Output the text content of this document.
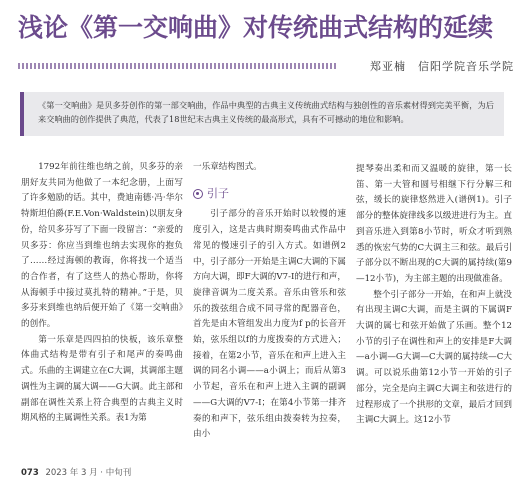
浅论《第一交响曲》对传统曲式结构的延续
郑亚楠　信阳学院音乐学院
《第一交响曲》是贝多芬创作的第一部交响曲，作品中典型的古典主义传统曲式结构与独创性的音乐素材得到完美平衡，为后来交响曲的创作提供了典范，代表了18世纪末古典主义传统的最高形式，具有不可撼动的地位和影响。

1792年前往维也纳之前，贝多芬的亲朋好友共同为他做了一本纪念册，上面写了许多勉励的话。其中，费迪南德·冯·华尔特斯坦伯爵(F.E.Von·Waldstein)以朋友身份，给贝多芬写了下面一段留言：“亲爱的贝多芬：你应当到维也纳去实现你的抱负了……经过海顿的教诲，你将找一个适当的合作者，有了这些人的热心帮助，你将从海顿手中接过莫扎特的精神。”于是，贝多芬来到维也纳后便开始了《第一交响曲》的创作。

第一乐章是四四拍的快板，该乐章整体曲式结构是带有引子和尾声的奏鸣曲式。乐曲的主调建立在C大调，其调部主题调性为主调的属大调——G大调。此主部和副部在调性关系上符合典型的古典主义时期风格的主属调性关系。表1为第

一乐章结构图式。

引子

引子部分的音乐开始时以较慢的速度引入，这是古典时期奏鸣曲式作品中常见的慢速引子的引入方式。如谱例2中，引子部分一开始是主调C大调的下属方向大调，即F大调的V7-I的进行和声，旋律音调为二度关系。音乐由管乐和弦乐的拨弦组合成不同寻常的配器音色，首先是由木管组发出力度为f p的长音开始，弦乐组以f的力度拨奏的方式进入；接着，在第2小节，音乐在和声上进入主调的同名小调——a小调上；而后从第3小节起，音乐在和声上进入主调的副调——G大调的V7-I；在第4小节第一排齐奏的和声下，弦乐组由拨奏转为拉奏，由小

提琴奏出柔和而又温暖的旋律，第一长笛、第一大管和圆号相继下行分解三和弦，缓长的旋律悠然进入(谱例1)。引子部分的整体旋律线多以级进进行为主。直到音乐进入到第8小节时，听众才听到熟悉的恢宏气势的C大调主三和弦。最后引子部分以不断出现的C大调的属持续(第9—12小节)，为主部主题的出现做准备。

整个引子部分一开始，在和声上就没有出现主调C大调，而是主调的下属调F大调的属七和弦开始做了乐画。整个12小节的引子在调性和声上的安排是F大调—a小调—G大调—C大调的属持续—C大调。可以说乐曲第12小节一开始的引子部分，完全是向主调C大调主和弦进行的过程形成了一个拱形的文章，最后才回到主调C大调上。这12小节

073 2023 年 3 月 · 中旬刊
